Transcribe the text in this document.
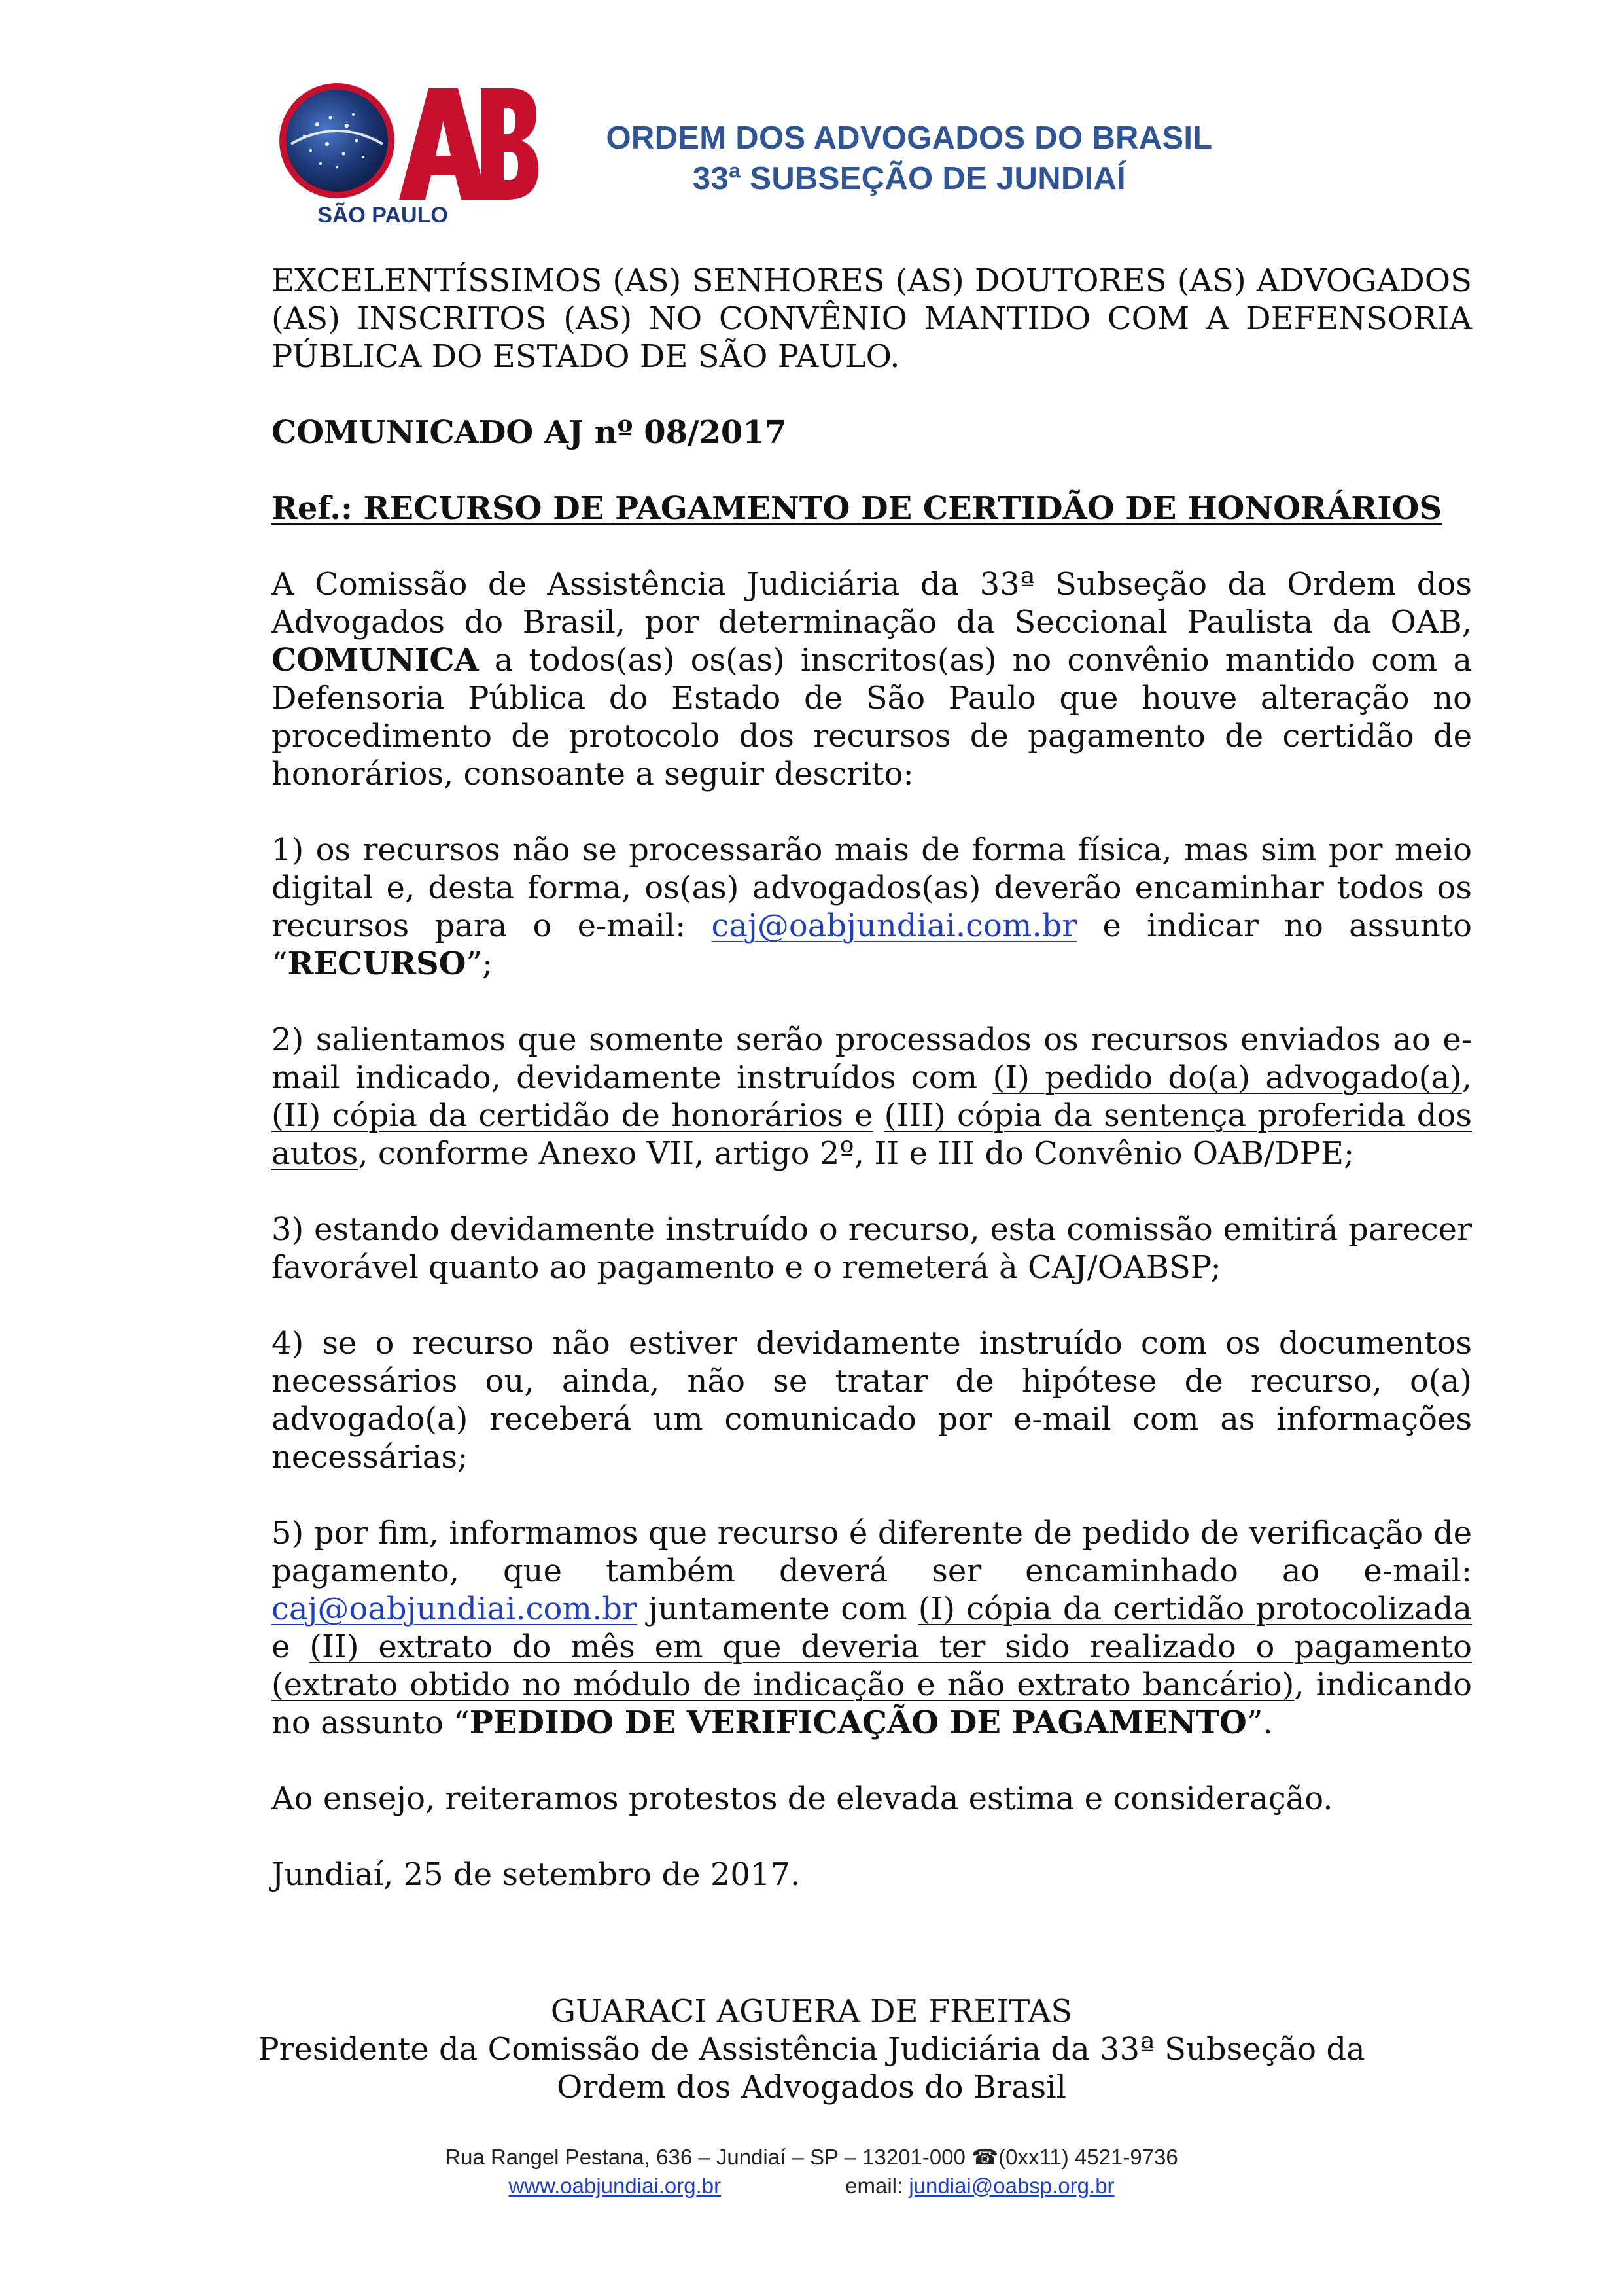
SÃO PAULO
ORDEM DOS ADVOGADOS DO BRASIL
33ª SUBSEÇÃO DE JUNDIAÍ

EXCELENTÍSSIMOS (AS) SENHORES (AS) DOUTORES (AS) ADVOGADOS (AS) INSCRITOS (AS) NO CONVÊNIO MANTIDO COM A DEFENSORIA PÚBLICA DO ESTADO DE SÃO PAULO.

COMUNICADO AJ nº 08/2017

Ref.: RECURSO DE PAGAMENTO DE CERTIDÃO DE HONORÁRIOS

A Comissão de Assistência Judiciária da 33ª Subseção da Ordem dos Advogados do Brasil, por determinação da Seccional Paulista da OAB, COMUNICA a todos(as) os(as) inscritos(as) no convênio mantido com a Defensoria Pública do Estado de São Paulo que houve alteração no procedimento de protocolo dos recursos de pagamento de certidão de honorários, consoante a seguir descrito:

1) os recursos não se processarão mais de forma física, mas sim por meio digital e, desta forma, os(as) advogados(as) deverão encaminhar todos os recursos para o e-mail: caj@oabjundiai.com.br e indicar no assunto “RECURSO”;

2) salientamos que somente serão processados os recursos enviados ao e-mail indicado, devidamente instruídos com (I) pedido do(a) advogado(a), (II) cópia da certidão de honorários e (III) cópia da sentença proferida dos autos, conforme Anexo VII, artigo 2º, II e III do Convênio OAB/DPE;

3) estando devidamente instruído o recurso, esta comissão emitirá parecer favorável quanto ao pagamento e o remeterá à CAJ/OABSP;

4) se o recurso não estiver devidamente instruído com os documentos necessários ou, ainda, não se tratar de hipótese de recurso, o(a) advogado(a) receberá um comunicado por e-mail com as informações necessárias;

5) por fim, informamos que recurso é diferente de pedido de verificação de pagamento, que também deverá ser encaminhado ao e-mail: caj@oabjundiai.com.br juntamente com (I) cópia da certidão protocolizada e (II) extrato do mês em que deveria ter sido realizado o pagamento (extrato obtido no módulo de indicação e não extrato bancário), indicando no assunto “PEDIDO DE VERIFICAÇÃO DE PAGAMENTO”.

Ao ensejo, reiteramos protestos de elevada estima e consideração.

Jundiaí, 25 de setembro de 2017.

GUARACI AGUERA DE FREITAS
Presidente da Comissão de Assistência Judiciária da 33ª Subseção da
Ordem dos Advogados do Brasil
Rua Rangel Pestana, 636 – Jundiaí – SP – 13201-000 ☎(0xx11) 4521-9736
www.oabjundiai.org.br	email: jundiai@oabsp.org.br
